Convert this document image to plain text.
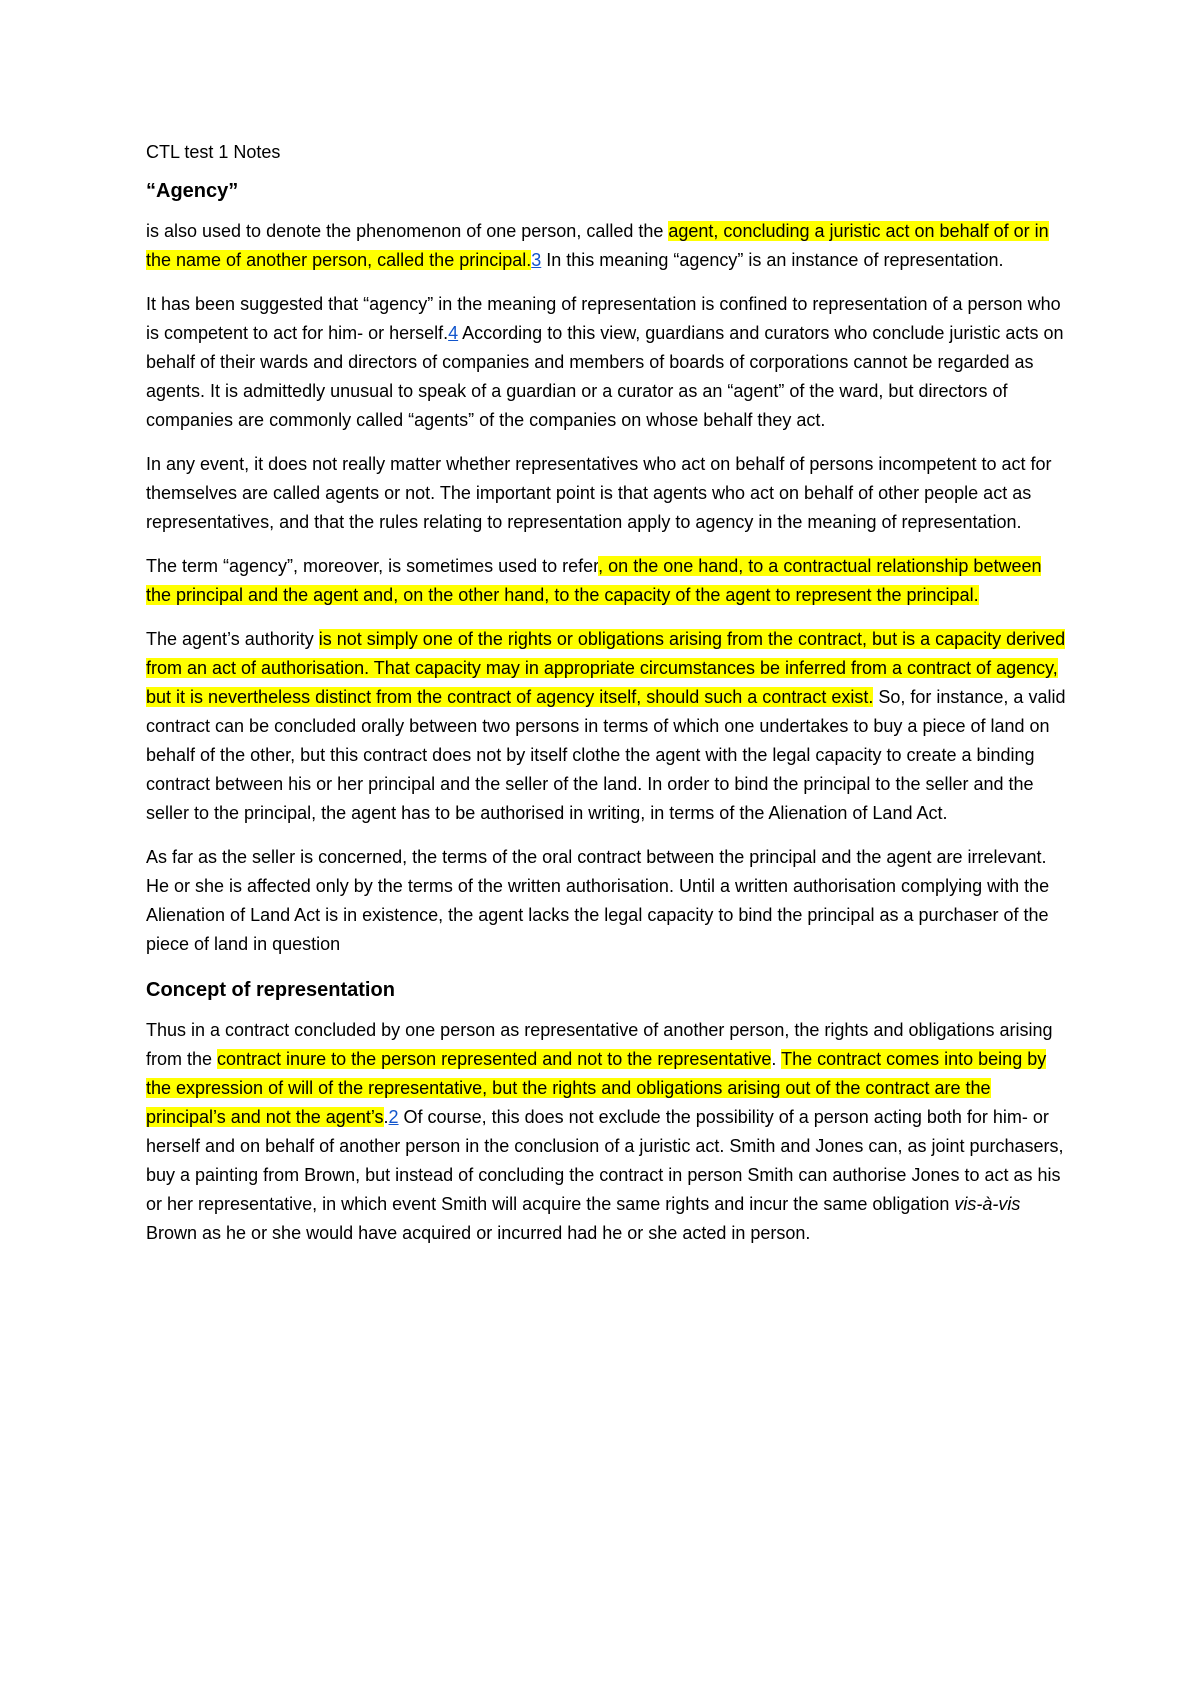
CTL test 1 Notes
“Agency”

is also used to denote the phenomenon of one person, called the agent, concluding a juristic act on behalf of or in the name of another person, called the principal.3 In this meaning “agency” is an instance of representation.

It has been suggested that “agency” in the meaning of representation is confined to representation of a person who is competent to act for him- or herself.4 According to this view, guardians and curators who conclude juristic acts on behalf of their wards and directors of companies and members of boards of corporations cannot be regarded as agents. It is admittedly unusual to speak of a guardian or a curator as an “agent” of the ward, but directors of companies are commonly called “agents” of the companies on whose behalf they act.

In any event, it does not really matter whether representatives who act on behalf of persons incompetent to act for themselves are called agents or not. The important point is that agents who act on behalf of other people act as representatives, and that the rules relating to representation apply to agency in the meaning of representation.

The term “agency”, moreover, is sometimes used to refer, on the one hand, to a contractual relationship between the principal and the agent and, on the other hand, to the capacity of the agent to represent the principal.

The agent’s authority is not simply one of the rights or obligations arising from the contract, but is a capacity derived from an act of authorisation. That capacity may in appropriate circumstances be inferred from a contract of agency, but it is nevertheless distinct from the contract of agency itself, should such a contract exist. So, for instance, a valid contract can be concluded orally between two persons in terms of which one undertakes to buy a piece of land on behalf of the other, but this contract does not by itself clothe the agent with the legal capacity to create a binding contract between his or her principal and the seller of the land. In order to bind the principal to the seller and the seller to the principal, the agent has to be authorised in writing, in terms of the Alienation of Land Act.

As far as the seller is concerned, the terms of the oral contract between the principal and the agent are irrelevant. He or she is affected only by the terms of the written authorisation. Until a written authorisation complying with the Alienation of Land Act is in existence, the agent lacks the legal capacity to bind the principal as a purchaser of the piece of land in question

Concept of representation

Thus in a contract concluded by one person as representative of another person, the rights and obligations arising from the contract inure to the person represented and not to the representative. The contract comes into being by the expression of will of the representative, but the rights and obligations arising out of the contract are the principal’s and not the agent’s.2 Of course, this does not exclude the possibility of a person acting both for him- or herself and on behalf of another person in the conclusion of a juristic act. Smith and Jones can, as joint purchasers, buy a painting from Brown, but instead of concluding the contract in person Smith can authorise Jones to act as his or her representative, in which event Smith will acquire the same rights and incur the same obligation vis-à-vis Brown as he or she would have acquired or incurred had he or she acted in person.
